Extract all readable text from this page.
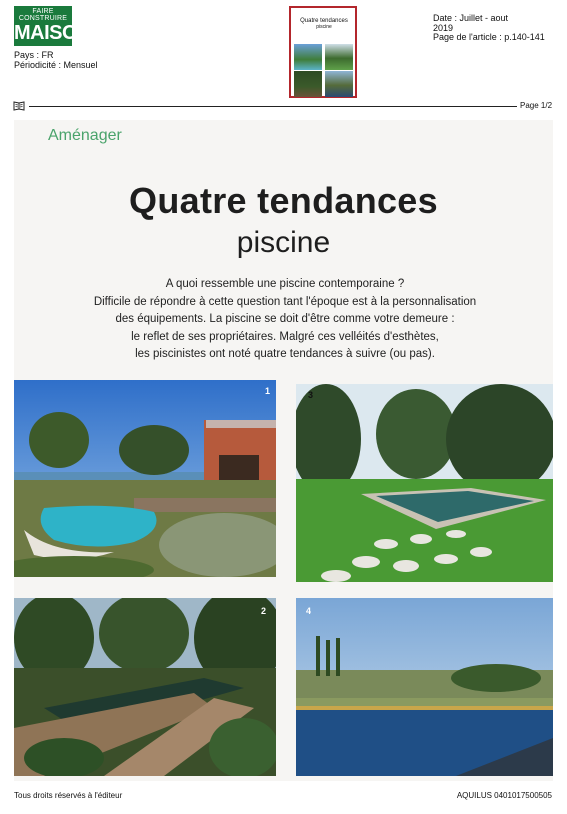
FAIRE CONSTRUIRE
MAISON
Pays : FR
Périodicité : Mensuel
Quatre tendances
piscine
Date : Juillet - aout
2019
Page de l'article : p.140-141
Page 1/2
Aménager
Quatre tendances
piscine
A quoi ressemble une piscine contemporaine ?
Difficile de répondre à cette question tant l'époque est à la personnalisation
des équipements. La piscine se doit d'être comme votre demeure :
le reflet de ses propriétaires. Malgré ces velléités d'esthètes,
les piscinistes ont noté quatre tendances à suivre (ou pas).
1	3
2	4
Tous droits réservés à l'éditeur	AQUILUS 0401017500505
